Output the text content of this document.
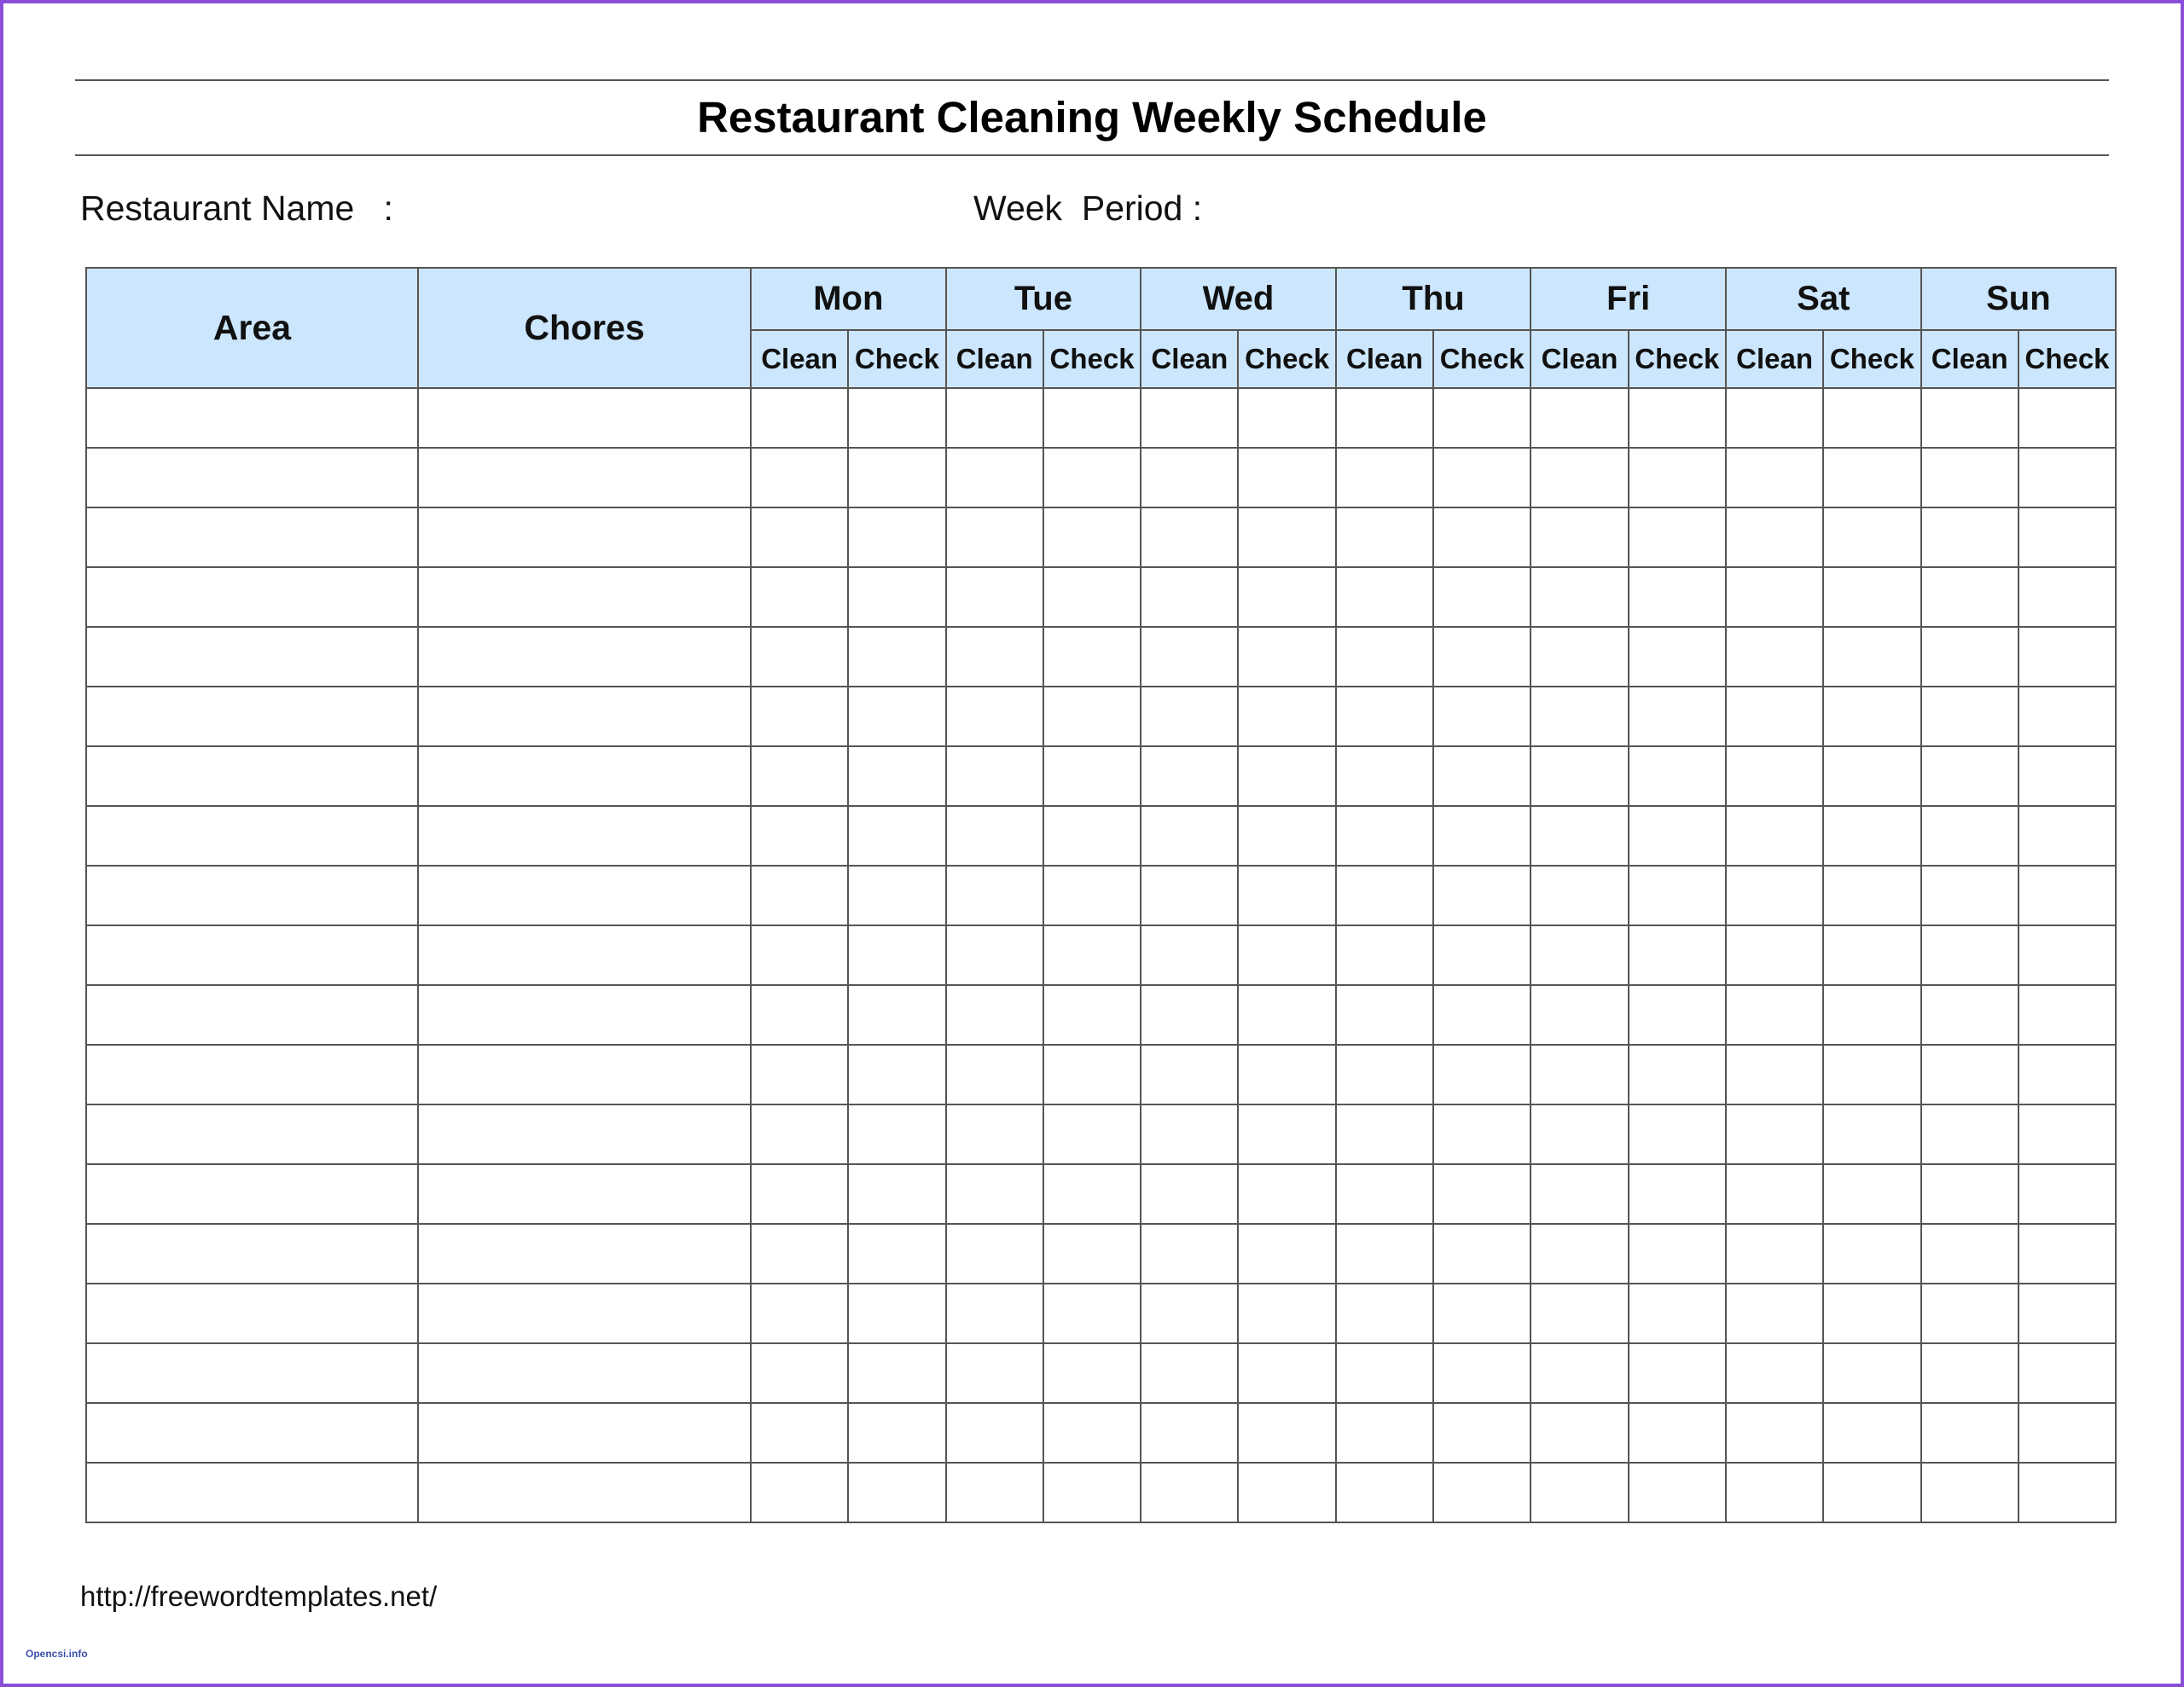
Restaurant Cleaning Weekly Schedule
Restaurant Name   :	Week  Period :
Area	Chores	Mon		Tue		Wed		Thu		Fri		Sat		Sun	
		Clean	Check	Clean	Check	Clean	Check	Clean	Check	Clean	Check	Clean	Check	Clean	Check

http://freewordtemplates.net/
Opencsi.info
